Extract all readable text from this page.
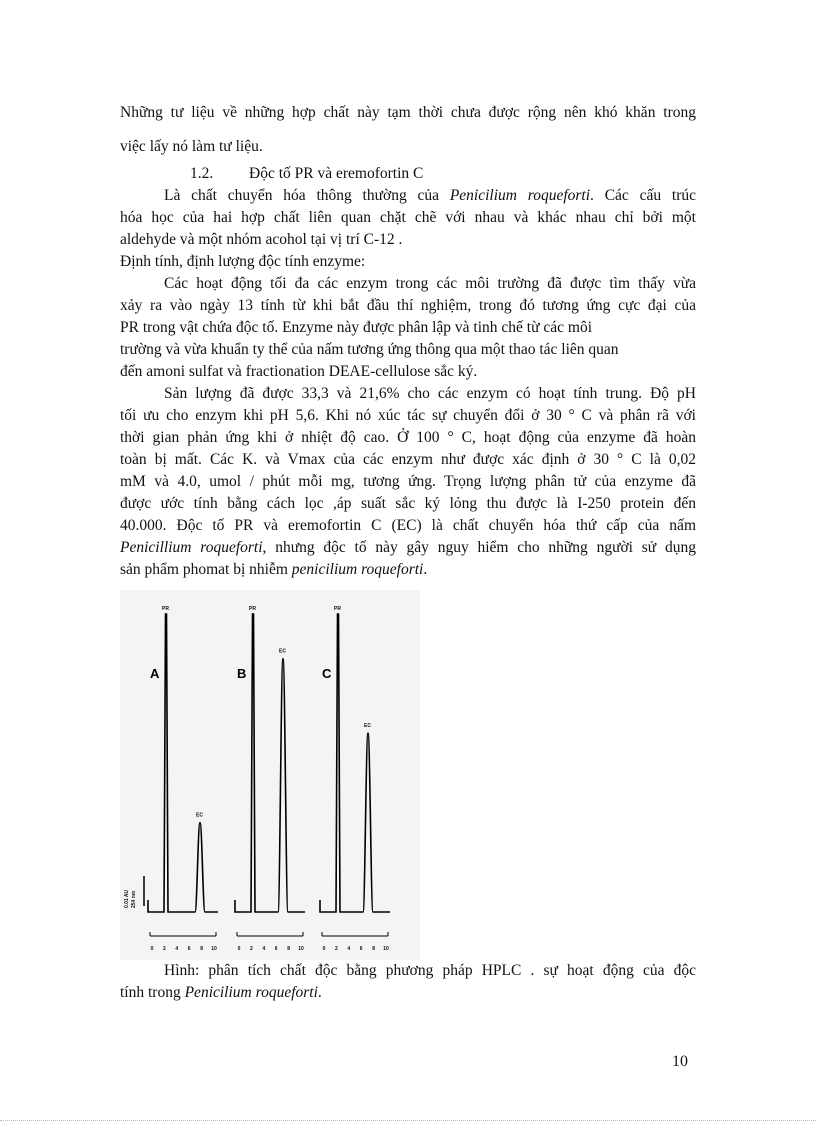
Những tư liệu về những hợp chất này tạm thời chưa được rộng nên khó khăn trong
việc lấy nó làm tư liệu.
1.2. Độc tố PR và eremofortin C
Là chất chuyển hóa thông thường của Penicilium roqueforti. Các cấu trúc
hóa học của hai hợp chất liên quan chặt chẽ với nhau và khác nhau chỉ bởi một
aldehyde và một nhóm acohol tại vị trí C-12 .
Định tính, định lượng độc tính enzyme:
Các hoạt động tối đa các enzym trong các môi trường đã được tìm thấy vừa
xảy ra vào ngày 13 tính từ khi bắt đầu thí nghiệm, trong đó tương ứng cực đại của
PR trong vật chứa độc tố. Enzyme này được phân lập và tinh chế từ các môi
trường và vừa khuẩn ty thể của nấm tương ứng thông qua một thao tác liên quan
đến amoni sulfat và fractionation DEAE-cellulose sắc ký.
Sản lượng đã được 33,3 và 21,6% cho các enzym có hoạt tính trung. Độ pH
tối ưu cho enzym khi pH 5,6. Khi nó xúc tác sự chuyển đổi ở 30 ° C và phân rã với
thời gian phản ứng khi ở nhiệt độ cao. Ở 100 ° C, hoạt động của enzyme đã hoàn
toàn bị mất. Các K. và Vmax của các enzym như được xác định ở 30 ° C là 0,02
mM và 4.0, umol / phút mỗi mg, tương ứng. Trọng lượng phân tử của enzyme đã
được ước tính bằng cách lọc ,áp suất sắc ký lỏng thu được là I-250 protein đến
40.000. Độc tố PR và eremofortin C (EC) là chất chuyển hóa thứ cấp của nấm
Penicillium roqueforti, nhưng độc tố này gây nguy hiểm cho những người sử dụng
sản phẩm phomat bị nhiễm penicilium roqueforti.
Hình: phân tích chất độc bằng phương pháp HPLC . sự hoạt động của độc
tính trong Penicilium roqueforti.
A
PR
EC
0 2 4 6 8 10
B
PR
EC
0 2 4 6 8 10
C
PR
EC
0 2 4 6 8 10
0.01 AU 254 nm
10
